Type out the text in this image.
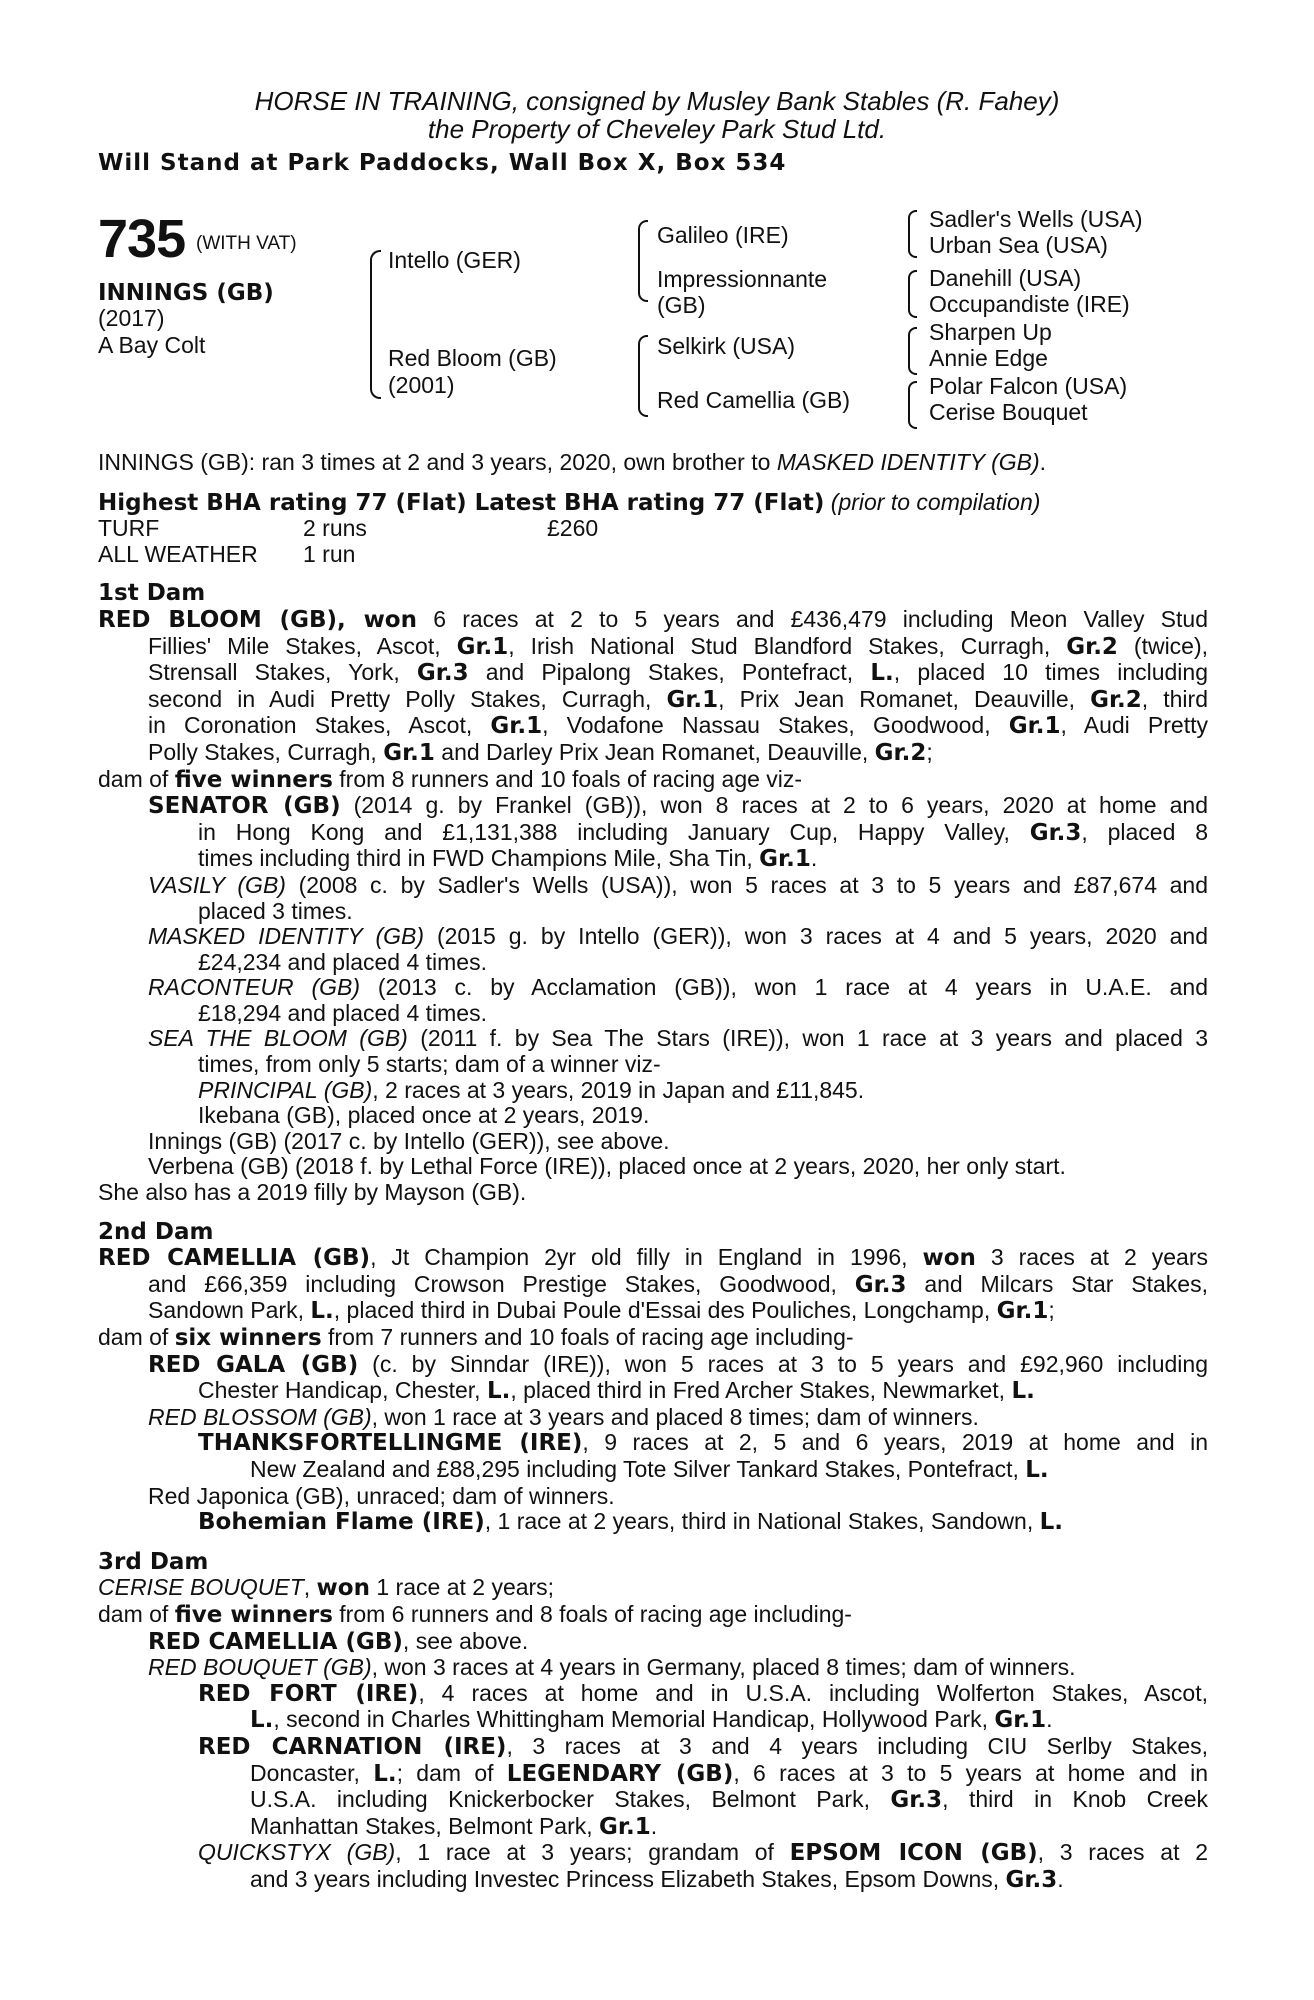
HORSE IN TRAINING, consigned by Musley Bank Stables (R. Fahey)
the Property of Cheveley Park Stud Ltd.
Will Stand at Park Paddocks, Wall Box X, Box 534
735 (WITH VAT)
INNINGS (GB)
(2017)
A Bay Colt
Intello (GER)
Red Bloom (GB)
(2001)
Galileo (IRE)
Impressionnante
(GB)
Selkirk (USA)
Red Camellia (GB)
Sadler's Wells (USA)
Urban Sea (USA)
Danehill (USA)
Occupandiste (IRE)
Sharpen Up
Annie Edge
Polar Falcon (USA)
Cerise Bouquet
INNINGS (GB): ran 3 times at 2 and 3 years, 2020, own brother to MASKED IDENTITY (GB).
Highest BHA rating 77 (Flat) Latest BHA rating 77 (Flat) (prior to compilation)
TURF	2 runs	£260
ALL WEATHER 1 run
1st Dam
RED BLOOM (GB), won 6 races at 2 to 5 years and £436,479 including Meon Valley Stud
Fillies' Mile Stakes, Ascot, Gr.1, Irish National Stud Blandford Stakes, Curragh, Gr.2 (twice),
Strensall Stakes, York, Gr.3 and Pipalong Stakes, Pontefract, L., placed 10 times including
second in Audi Pretty Polly Stakes, Curragh, Gr.1, Prix Jean Romanet, Deauville, Gr.2, third
in Coronation Stakes, Ascot, Gr.1, Vodafone Nassau Stakes, Goodwood, Gr.1, Audi Pretty
Polly Stakes, Curragh, Gr.1 and Darley Prix Jean Romanet, Deauville, Gr.2;
dam of five winners from 8 runners and 10 foals of racing age viz-
SENATOR (GB) (2014 g. by Frankel (GB)), won 8 races at 2 to 6 years, 2020 at home and
in Hong Kong and £1,131,388 including January Cup, Happy Valley, Gr.3, placed 8
times including third in FWD Champions Mile, Sha Tin, Gr.1.
VASILY (GB) (2008 c. by Sadler's Wells (USA)), won 5 races at 3 to 5 years and £87,674 and
placed 3 times.
MASKED IDENTITY (GB) (2015 g. by Intello (GER)), won 3 races at 4 and 5 years, 2020 and
£24,234 and placed 4 times.
RACONTEUR (GB) (2013 c. by Acclamation (GB)), won 1 race at 4 years in U.A.E. and
£18,294 and placed 4 times.
SEA THE BLOOM (GB) (2011 f. by Sea The Stars (IRE)), won 1 race at 3 years and placed 3
times, from only 5 starts; dam of a winner viz-
PRINCIPAL (GB), 2 races at 3 years, 2019 in Japan and £11,845.
Ikebana (GB), placed once at 2 years, 2019.
Innings (GB) (2017 c. by Intello (GER)), see above.
Verbena (GB) (2018 f. by Lethal Force (IRE)), placed once at 2 years, 2020, her only start.
She also has a 2019 filly by Mayson (GB).
2nd Dam
RED CAMELLIA (GB), Jt Champion 2yr old filly in England in 1996, won 3 races at 2 years
and £66,359 including Crowson Prestige Stakes, Goodwood, Gr.3 and Milcars Star Stakes,
Sandown Park, L., placed third in Dubai Poule d'Essai des Pouliches, Longchamp, Gr.1;
dam of six winners from 7 runners and 10 foals of racing age including-
RED GALA (GB) (c. by Sinndar (IRE)), won 5 races at 3 to 5 years and £92,960 including
Chester Handicap, Chester, L., placed third in Fred Archer Stakes, Newmarket, L.
RED BLOSSOM (GB), won 1 race at 3 years and placed 8 times; dam of winners.
THANKSFORTELLINGME (IRE), 9 races at 2, 5 and 6 years, 2019 at home and in
New Zealand and £88,295 including Tote Silver Tankard Stakes, Pontefract, L.
Red Japonica (GB), unraced; dam of winners.
Bohemian Flame (IRE), 1 race at 2 years, third in National Stakes, Sandown, L.
3rd Dam
CERISE BOUQUET, won 1 race at 2 years;
dam of five winners from 6 runners and 8 foals of racing age including-
RED CAMELLIA (GB), see above.
RED BOUQUET (GB), won 3 races at 4 years in Germany, placed 8 times; dam of winners.
RED FORT (IRE), 4 races at home and in U.S.A. including Wolferton Stakes, Ascot,
L., second in Charles Whittingham Memorial Handicap, Hollywood Park, Gr.1.
RED CARNATION (IRE), 3 races at 3 and 4 years including CIU Serlby Stakes,
Doncaster, L.; dam of LEGENDARY (GB), 6 races at 3 to 5 years at home and in
U.S.A. including Knickerbocker Stakes, Belmont Park, Gr.3, third in Knob Creek
Manhattan Stakes, Belmont Park, Gr.1.
QUICKSTYX (GB), 1 race at 3 years; grandam of EPSOM ICON (GB), 3 races at 2
and 3 years including Investec Princess Elizabeth Stakes, Epsom Downs, Gr.3.
